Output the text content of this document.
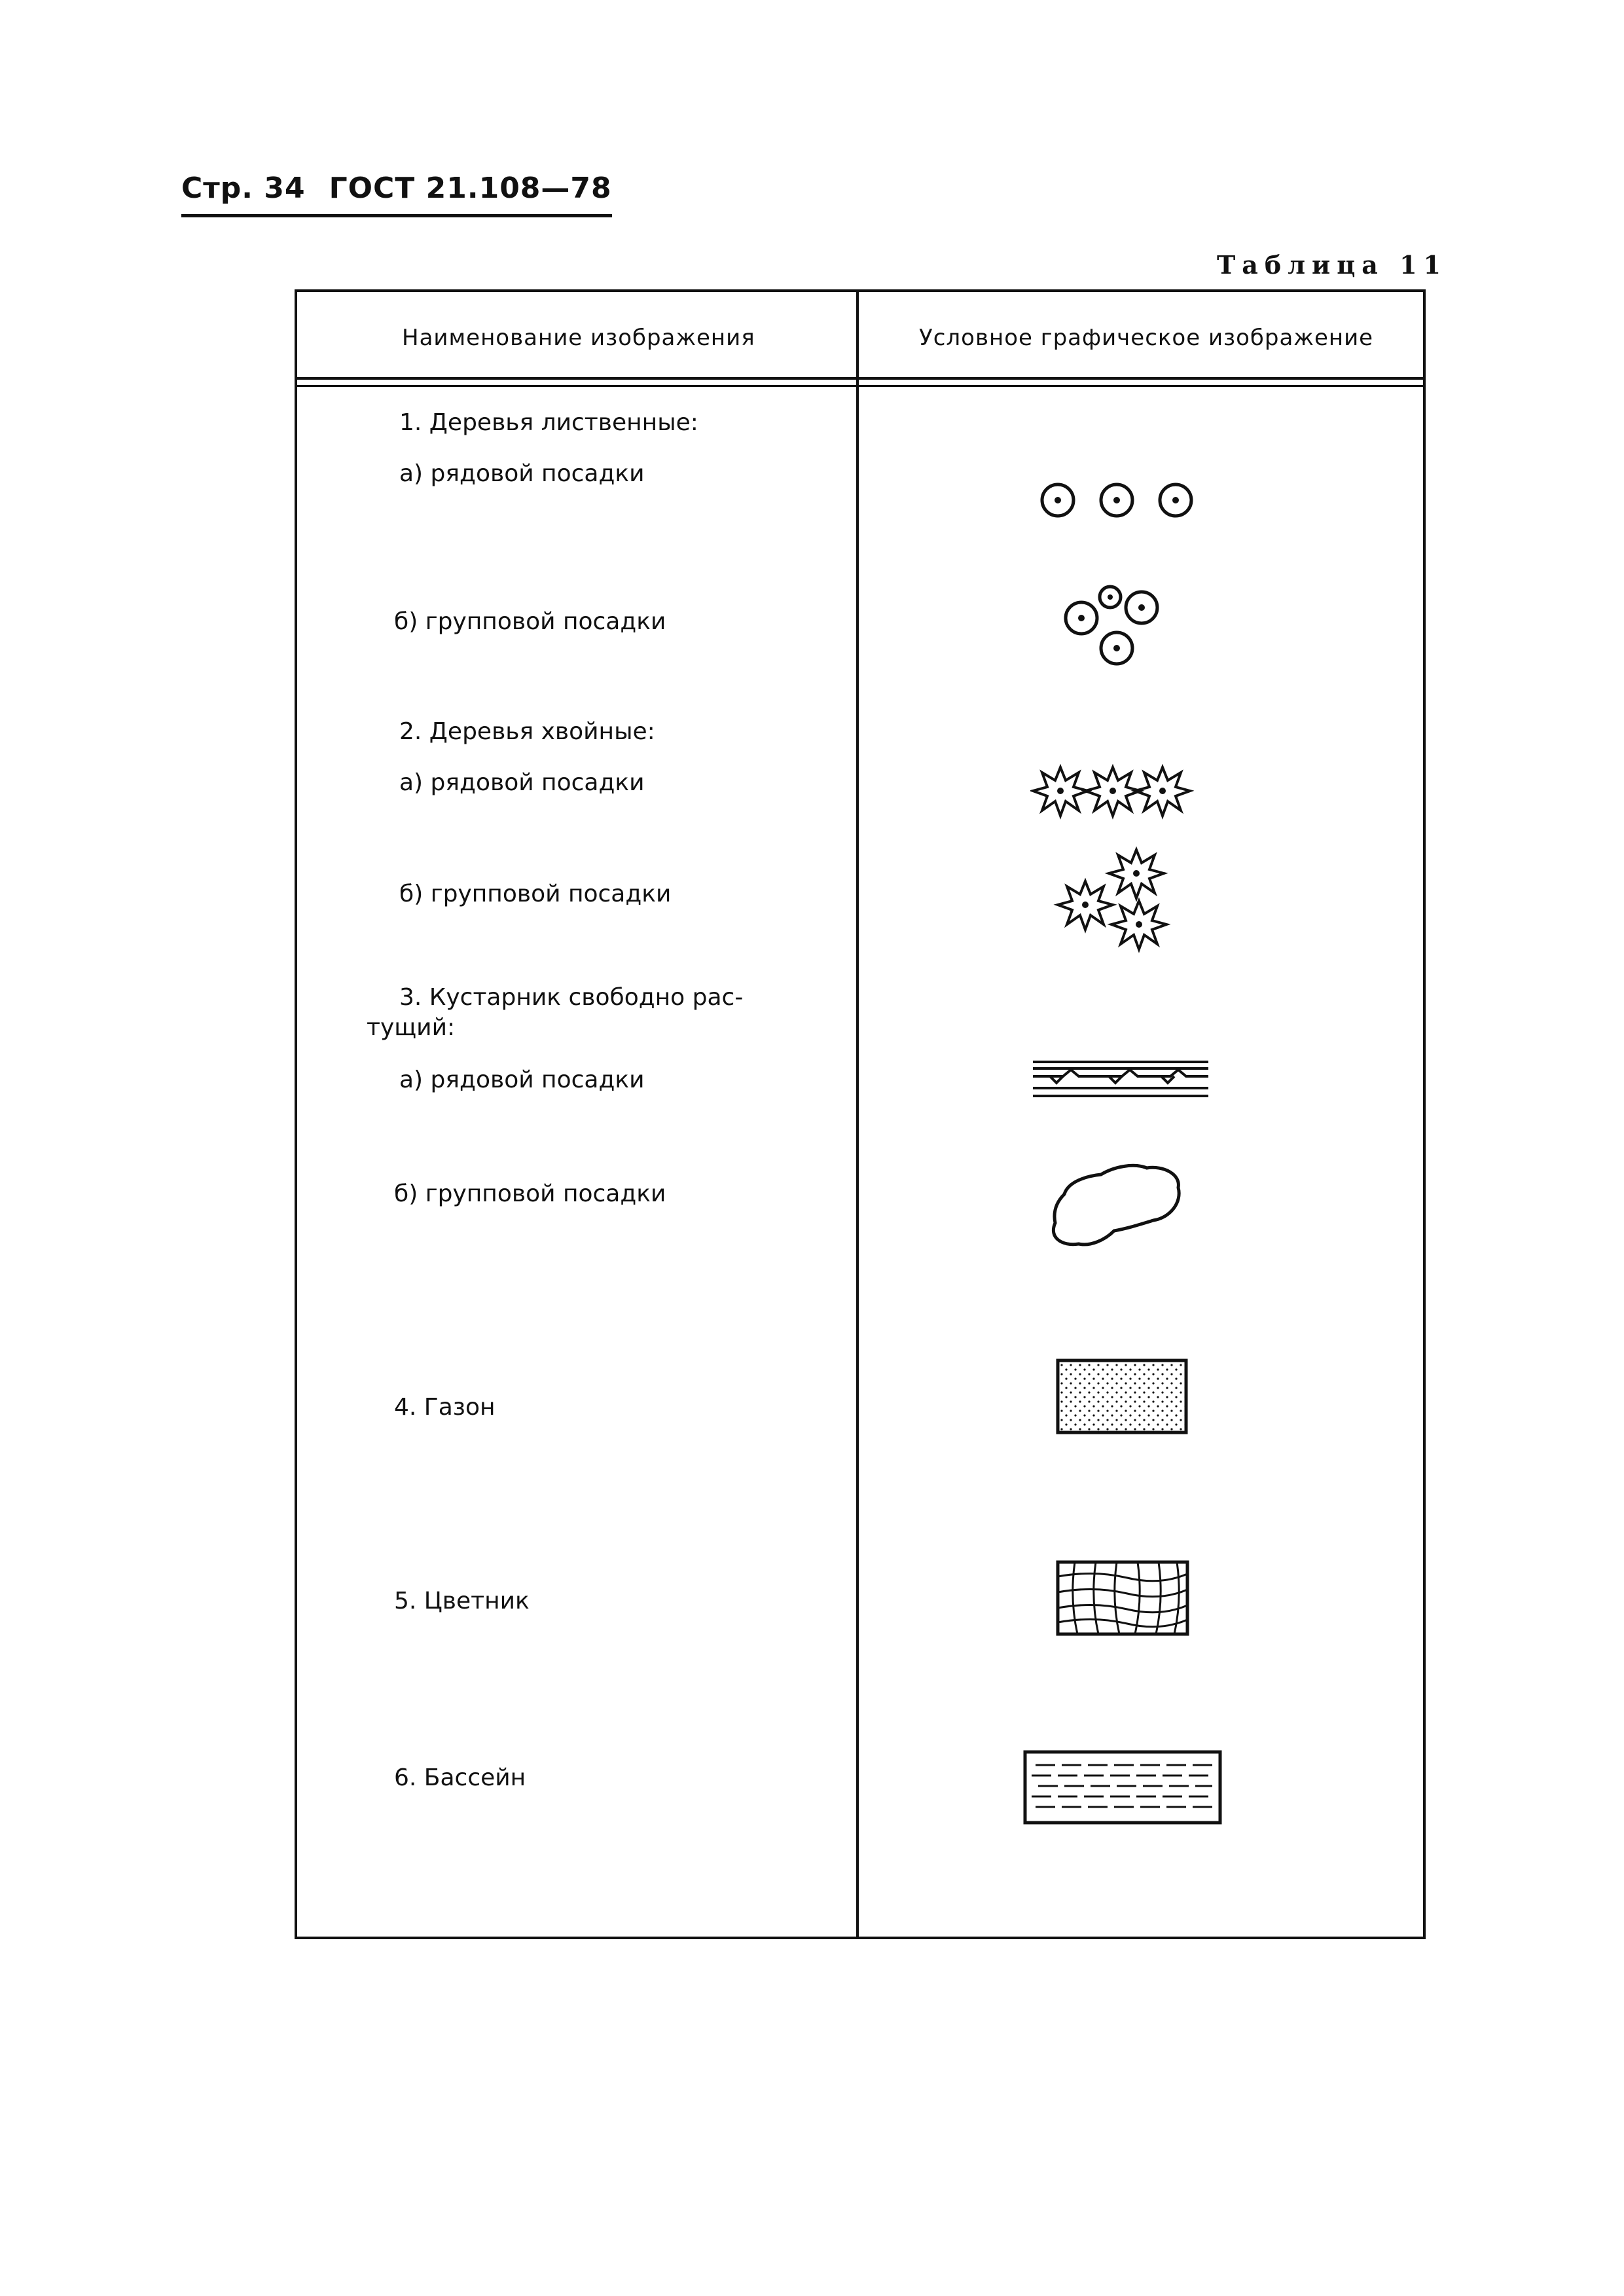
Стр. 34 ГОСТ 21.108—78
Таблица 11
Наименование изображения	Условное графическое изображение
1. Деревья лиственные:
а) рядовой посадки
б) групповой посадки
2. Деревья хвойные:
а) рядовой посадки
б) групповой посадки
3. Кустарник свободно рас-
тущий:
а) рядовой посадки
б) групповой посадки
4. Газон
5. Цветник
6. Бассейн
